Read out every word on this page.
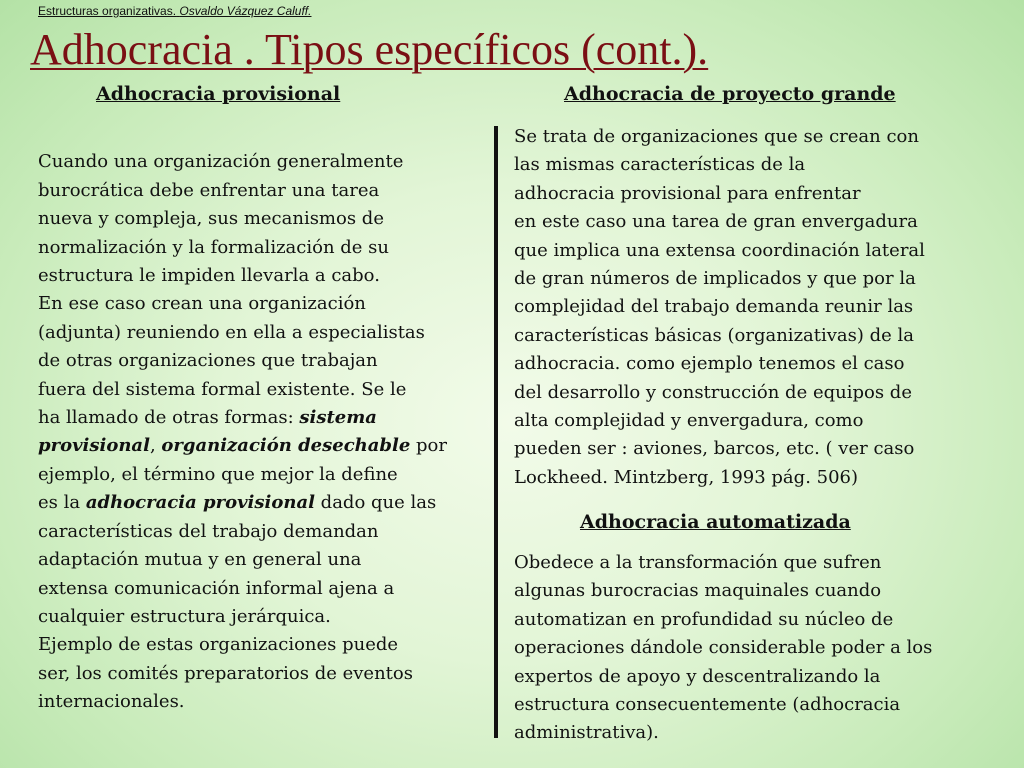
Estructuras organizativas. Osvaldo Vázquez Caluff.
Adhocracia . Tipos específicos (cont.).
Adhocracia provisional	Adhocracia de proyecto grande

Cuando una organización generalmente
burocrática debe enfrentar una tarea
nueva y compleja, sus mecanismos de
normalización y la formalización de su
estructura le impiden llevarla a cabo.
En ese caso crean una organización
(adjunta) reuniendo en ella a especialistas
de otras organizaciones que trabajan
fuera del sistema formal existente. Se le
ha llamado de otras formas: sistema
provisional, organización desechable por
ejemplo, el término que mejor la define
es la adhocracia provisional dado que las
características del trabajo demandan
adaptación mutua y en general una
extensa comunicación informal ajena a
cualquier estructura jerárquica.
Ejemplo de estas organizaciones puede
ser, los comités preparatorios de eventos
internacionales.

Se trata de organizaciones que se crean con
las mismas características de la
adhocracia provisional para enfrentar
en este caso una tarea de gran envergadura
que implica una extensa coordinación lateral
de gran números de implicados y que por la
complejidad del trabajo demanda reunir las
características básicas (organizativas) de la
adhocracia. como ejemplo tenemos el caso
del desarrollo y construcción de equipos de
alta complejidad y envergadura, como
pueden ser : aviones, barcos, etc. ( ver caso
Lockheed. Mintzberg, 1993 pág. 506)

Adhocracia automatizada

Obedece a la transformación que sufren
algunas burocracias maquinales cuando
automatizan en profundidad su núcleo de
operaciones dándole considerable poder a los
expertos de apoyo y descentralizando la
estructura consecuentemente (adhocracia
administrativa).
